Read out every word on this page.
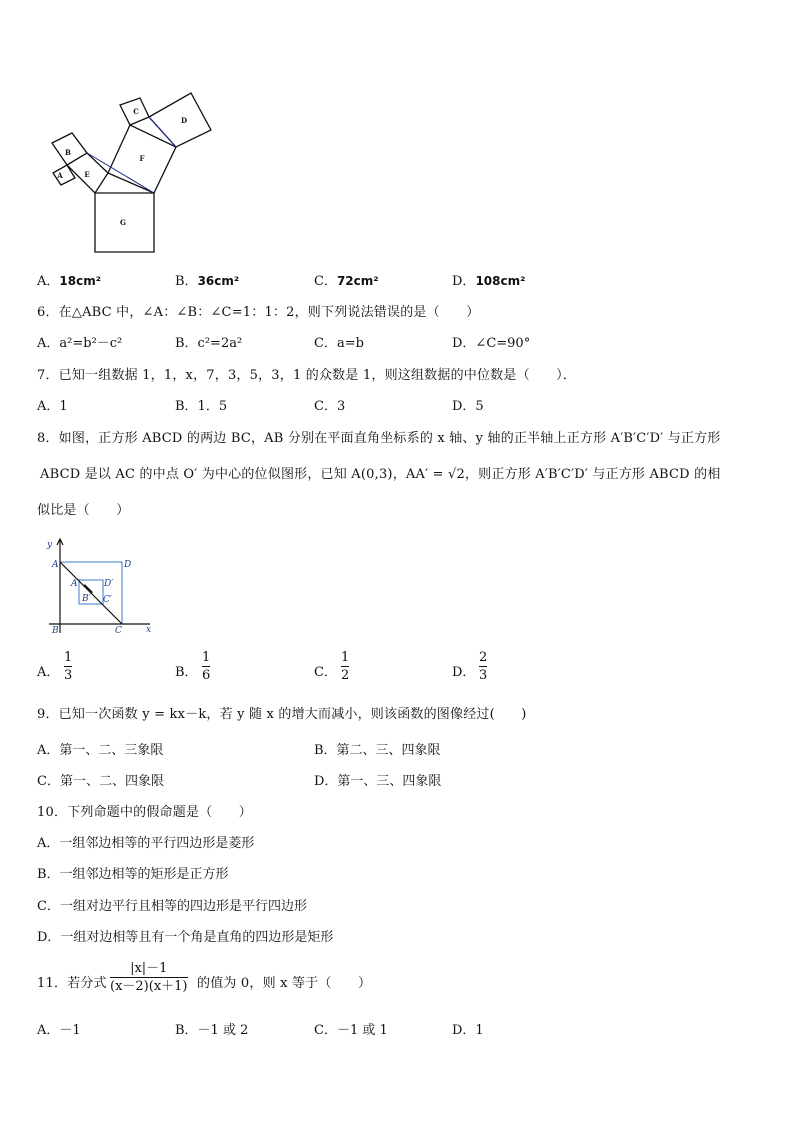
B
A	E
F
C
D
G
A．18cm²	B．36cm²	C．72cm²	D．108cm²
6．在△ABC 中，∠A：∠B：∠C=1：1：2，则下列说法错误的是（　　）
A．a²=b²－c²	B．c²=2a²	C．a=b	D．∠C=90°
7．已知一组数据 1，1，x，7，3，5，3，1 的众数是 1，则这组数据的中位数是（　　）．
A．1	B．1．5	C．3	D．5
8．如图，正方形 ABCD 的两边 BC，AB 分别在平面直角坐标系的 x 轴、y 轴的正半轴上正方形 A′B′C′D′ 与正方形
ABCD 是以 AC 的中点 O′ 为中心的位似图形，已知 A(0,3)，AA′ = √2，则正方形 A′B′C′D′ 与正方形 ABCD 的相
似比是（　　）
y
A	D
A′	D′
B′ C′
B	C	x
A．
1
3	B．
1
6	C．
1
2	D．
2
3
9．已知一次函数 y = kx－k，若 y 随 x 的增大而减小，则该函数的图像经过(　　)
A．第一、二、三象限	B．第二、三、四象限
C．第一、二、四象限	D．第一、三、四象限
10．下列命题中的假命题是（　　）
A．一组邻边相等的平行四边形是菱形
B．一组邻边相等的矩形是正方形
C．一组对边平行且相等的四边形是平行四边形
D．一组对边相等且有一个角是直角的四边形是矩形
11．若分式
|x|－1
(x－2)(x＋1) 的值为 0，则 x 等于（　　）
A．－1	B．－1 或 2	C．－1 或 1	D．1
